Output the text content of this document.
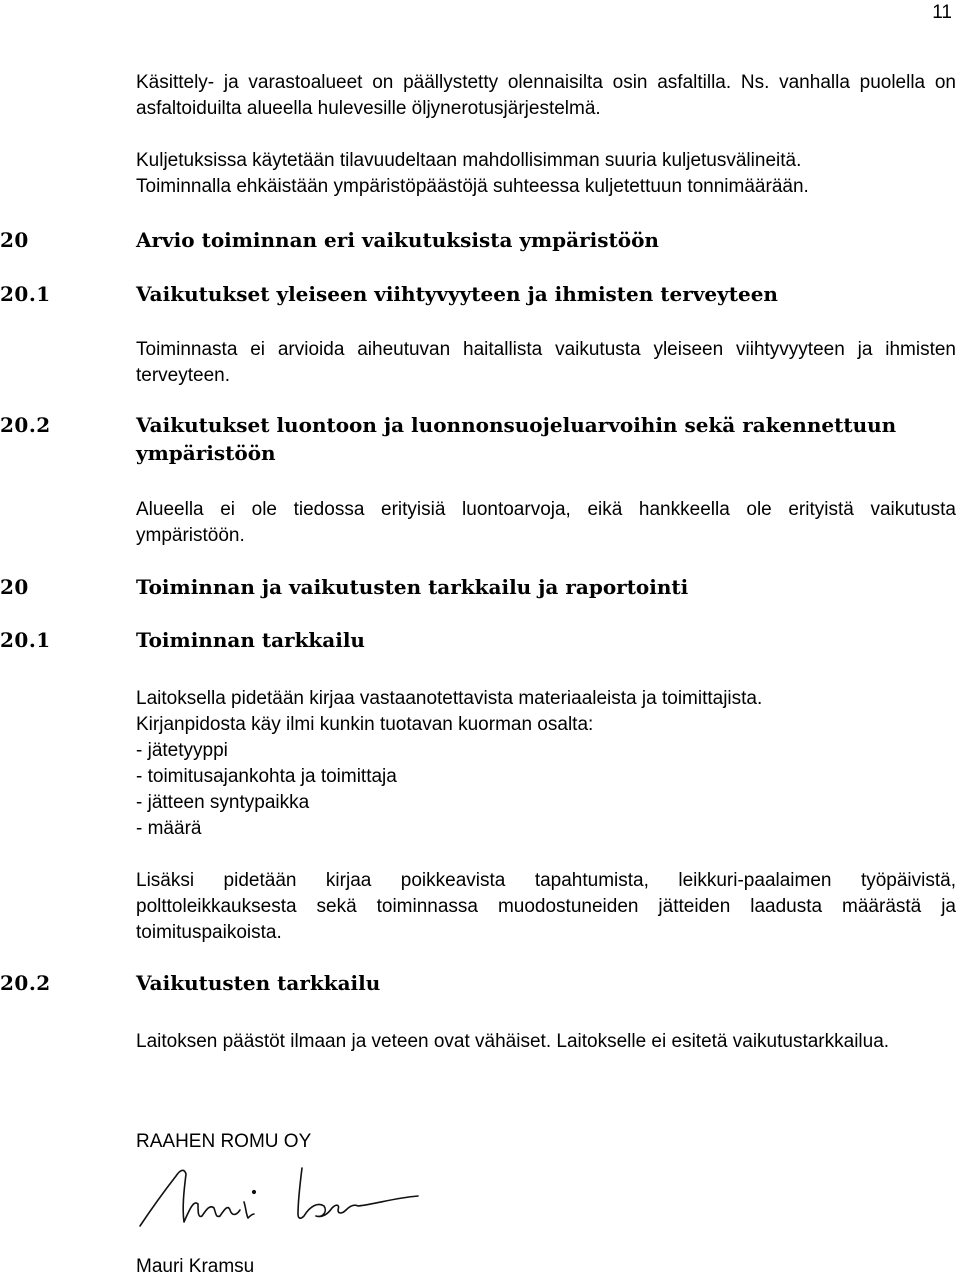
11
Käsittely- ja varastoalueet on päällystetty olennaisilta osin asfaltilla. Ns. vanhalla puolella on asfaltoiduilta alueella hulevesille öljynerotusjärjestelmä.
Kuljetuksissa käytetään tilavuudeltaan mahdollisimman suuria kuljetusvälineitä.
Toiminnalla ehkäistään ympäristöpäästöjä suhteessa kuljetettuun tonnimäärään.
20	Arvio toiminnan eri vaikutuksista ympäristöön
20.1	Vaikutukset yleiseen viihtyvyyteen ja ihmisten terveyteen
Toiminnasta ei arvioida aiheutuvan haitallista vaikutusta yleiseen viihtyvyyteen ja ihmisten terveyteen.
20.2	Vaikutukset luontoon ja luonnonsuojeluarvoihin sekä rakennettuun
ympäristöön
Alueella ei ole tiedossa erityisiä luontoarvoja, eikä hankkeella ole erityistä vaikutusta ympäristöön.
20	Toiminnan ja vaikutusten tarkkailu ja raportointi
20.1	Toiminnan tarkkailu
Laitoksella pidetään kirjaa vastaanotettavista materiaaleista ja toimittajista.
Kirjanpidosta käy ilmi kunkin tuotavan kuorman osalta:
- jätetyyppi
- toimitusajankohta ja toimittaja
- jätteen syntypaikka
- määrä
Lisäksi pidetään kirjaa poikkeavista tapahtumista, leikkuri-paalaimen työpäivistä, polttoleikkauksesta sekä toiminnassa muodostuneiden jätteiden laadusta määrästä ja toimituspaikoista.
20.2	Vaikutusten tarkkailu
Laitoksen päästöt ilmaan ja veteen ovat vähäiset. Laitokselle ei esitetä vaikutustarkkailua.
RAAHEN ROMU OY
Mauri Kramsu
